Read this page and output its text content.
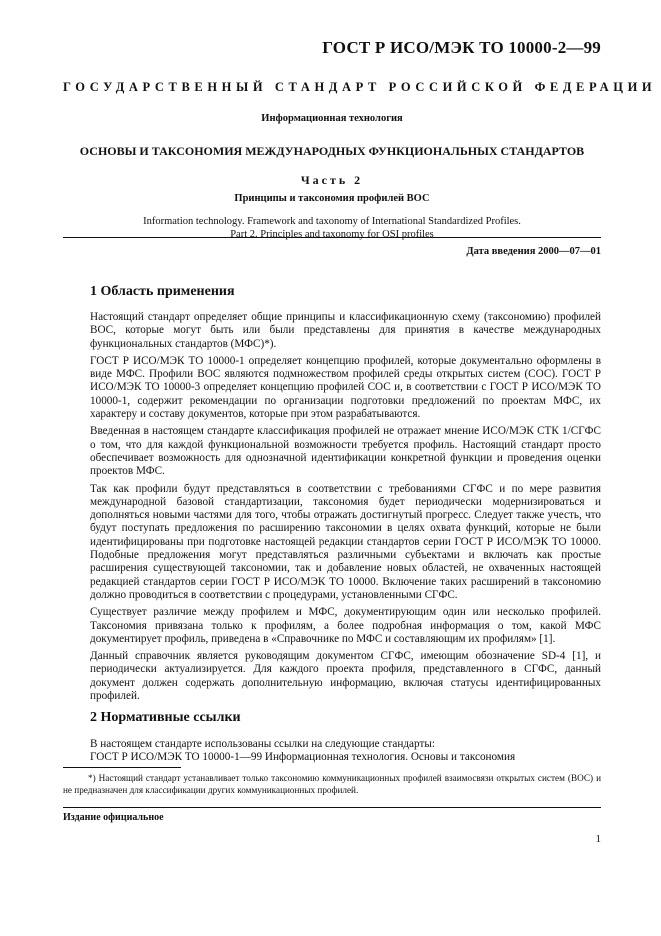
ГОСТ Р ИСО/МЭК ТО 10000-2—99
ГОСУДАРСТВЕННЫЙ СТАНДАРТ РОССИЙСКОЙ ФЕДЕРАЦИИ

Информационная технология

ОСНОВЫ И ТАКСОНОМИЯ МЕЖДУНАРОДНЫХ ФУНКЦИОНАЛЬНЫХ СТАНДАРТОВ

Часть 2

Принципы и таксономия профилей ВОС

Information technology. Framework and taxonomy of International Standardized Profiles.
Part 2. Principles and taxonomy for OSI profiles

Дата введения 2000—07—01
1 Область применения

Настоящий стандарт определяет общие принципы и классификационную схему (таксономию) профилей ВОС, которые могут быть или были представлены для принятия в качестве международных функциональных стандартов (МФС)*).

ГОСТ Р ИСО/МЭК ТО 10000-1 определяет концепцию профилей, которые документально оформлены в виде МФС. Профили ВОС являются подмножеством профилей среды открытых систем (СОС). ГОСТ Р ИСО/МЭК ТО 10000-3 определяет концепцию профилей СОС и, в соответствии с ГОСТ Р ИСО/МЭК ТО 10000-1, содержит рекомендации по организации подготовки предложений по проектам МФС, их характеру и составу документов, которые при этом разрабатываются.

Введенная в настоящем стандарте классификация профилей не отражает мнение ИСО/МЭК СТК 1/СГФС о том, что для каждой функциональной возможности требуется профиль. Настоящий стандарт просто обеспечивает возможность для однозначной идентификации конкретной функции и проведения оценки проектов МФС.

Так как профили будут представляться в соответствии с требованиями СГФС и по мере развития международной базовой стандартизации, таксономия будет периодически модернизироваться и дополняться новыми частями для того, чтобы отражать достигнутый прогресс. Следует также учесть, что будут поступать предложения по расширению таксономии в целях охвата функций, которые не были идентифицированы при подготовке настоящей редакции стандартов серии ГОСТ Р ИСО/МЭК ТО 10000. Подобные предложения могут представляться различными субъектами и включать как простые расширения существующей таксономии, так и добавление новых областей, не охваченных настоящей редакцией стандартов серии ГОСТ Р ИСО/МЭК ТО 10000. Включение таких расширений в таксономию должно проводиться в соответствии с процедурами, установленными СГФС.

Существует различие между профилем и МФС, документирующим один или несколько профилей. Таксономия привязана только к профилям, а более подробная информация о том, какой МФС документирует профиль, приведена в «Справочнике по МФС и составляющим их профилям» [1].

Данный справочник является руководящим документом СГФС, имеющим обозначение SD-4 [1], и периодически актуализируется. Для каждого проекта профиля, представленного в СГФС, данный документ должен содержать дополнительную информацию, включая статусы идентифицированных профилей.

2 Нормативные ссылки

В настоящем стандарте использованы ссылки на следующие стандарты:

ГОСТ Р ИСО/МЭК ТО 10000-1—99 Информационная технология. Основы и таксономия

*) Настоящий стандарт устанавливает только таксономию коммуникационных профилей взаимосвязи открытых систем (ВОС) и не предназначен для классификации других коммуникационных профилей.

Издание официальное
1
